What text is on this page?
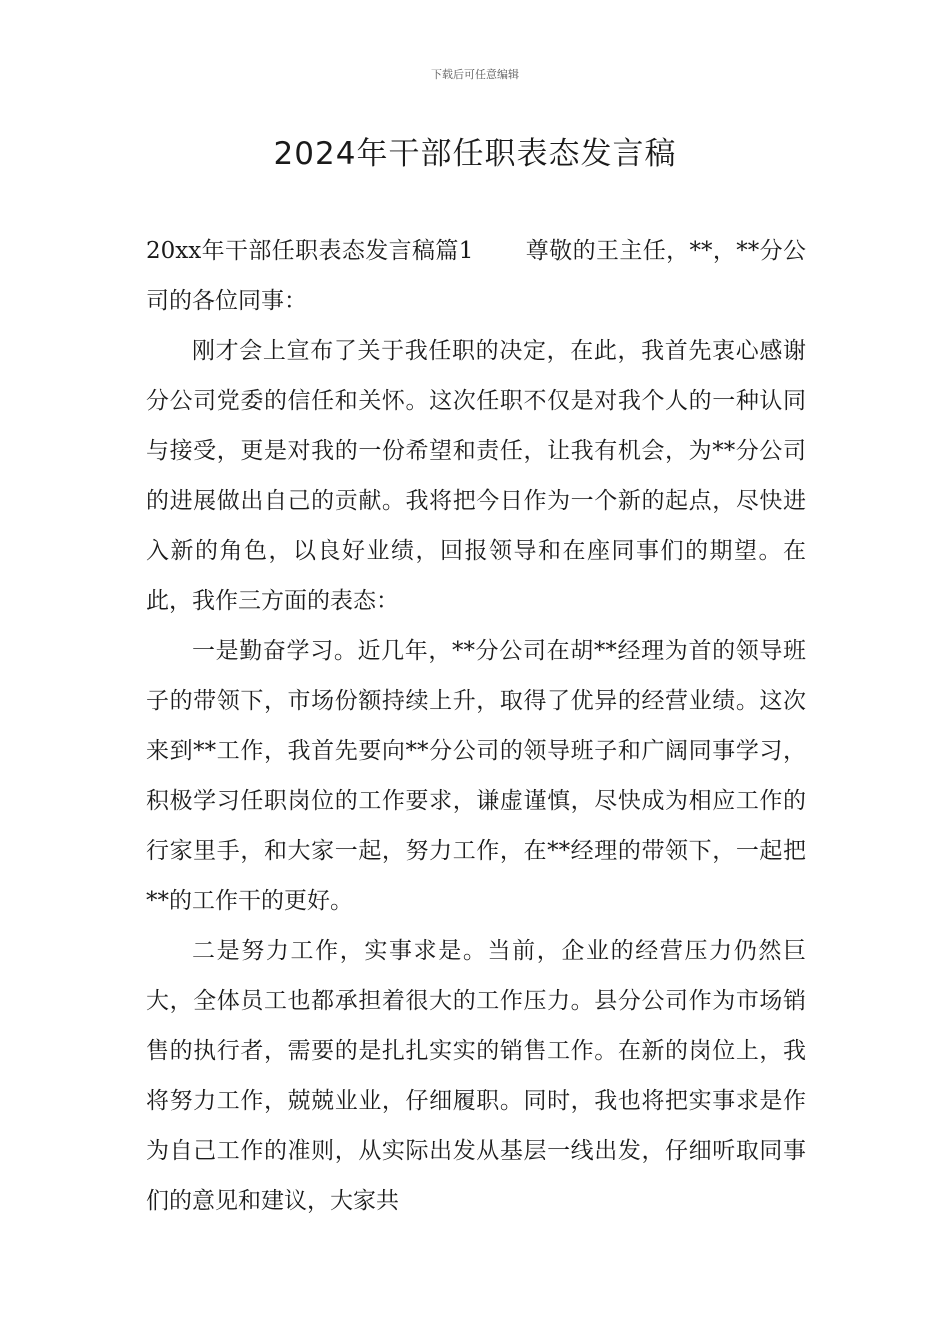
下载后可任意编辑
2024年干部任职表态发言稿

20xx年干部任职表态发言稿篇1 尊敬的王主任，**，**分公司的各位同事：

刚才会上宣布了关于我任职的决定，在此，我首先衷心感谢分公司党委的信任和关怀。这次任职不仅是对我个人的一种认同与接受，更是对我的一份希望和责任，让我有机会，为**分公司的进展做出自己的贡献。我将把今日作为一个新的起点，尽快进入新的角色，以良好业绩，回报领导和在座同事们的期望。在此，我作三方面的表态：

一是勤奋学习。近几年，**分公司在胡**经理为首的领导班子的带领下，市场份额持续上升，取得了优异的经营业绩。这次来到**工作，我首先要向**分公司的领导班子和广阔同事学习，积极学习任职岗位的工作要求，谦虚谨慎，尽快成为相应工作的行家里手，和大家一起，努力工作，在**经理的带领下，一起把**的工作干的更好。

二是努力工作，实事求是。当前，企业的经营压力仍然巨大，全体员工也都承担着很大的工作压力。县分公司作为市场销售的执行者，需要的是扎扎实实的销售工作。在新的岗位上，我将努力工作，兢兢业业，仔细履职。同时，我也将把实事求是作为自己工作的准则，从实际出发从基层一线出发，仔细听取同事们的意见和建议，大家共
